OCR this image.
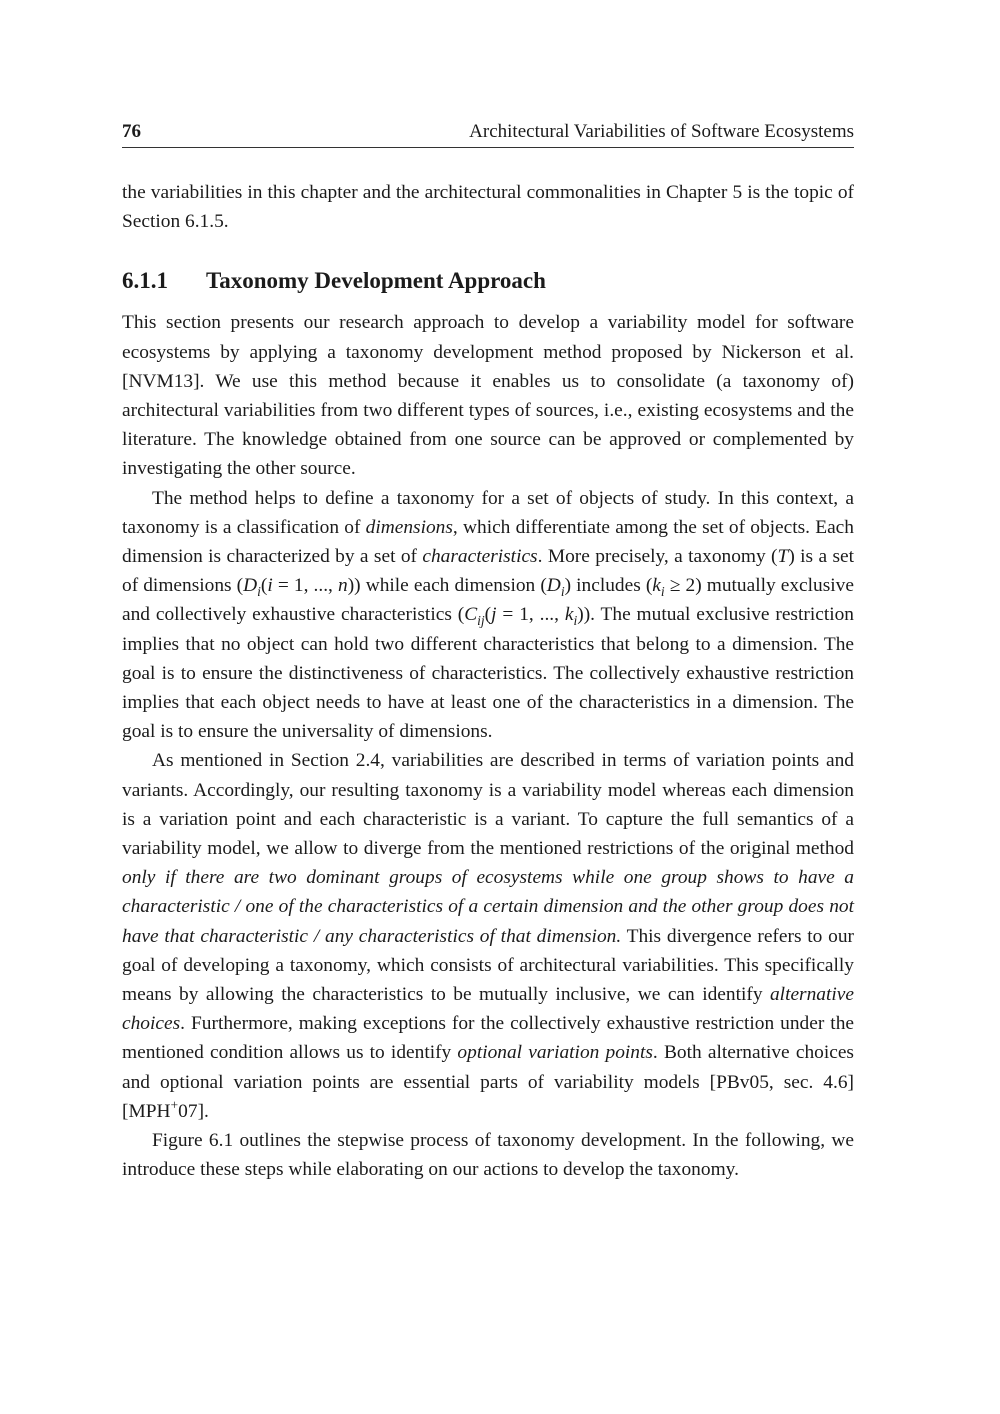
76	Architectural Variabilities of Software Ecosystems

the variabilities in this chapter and the architectural commonalities in Chapter 5 is the topic of Section 6.1.5.

6.1.1 Taxonomy Development Approach

This section presents our research approach to develop a variability model for software ecosystems by applying a taxonomy development method proposed by Nickerson et al. [NVM13]. We use this method because it enables us to consolidate (a taxonomy of) architectural variabilities from two different types of sources, i.e., existing ecosystems and the literature. The knowledge obtained from one source can be approved or complemented by investigating the other source.

The method helps to define a taxonomy for a set of objects of study. In this context, a taxonomy is a classification of dimensions, which differentiate among the set of objects. Each dimension is characterized by a set of characteristics. More precisely, a taxonomy (T) is a set of dimensions ($D_i(i = 1$, ..., n)) while each dimension $(D_i)$ includes $(k_i \ge 2)$ mutually exclusive and collectively exhaustive characteristics ($C_{ij}(j = 1$, ..., $k_i$)). The mutual exclusive restriction implies that no object can hold two different characteristics that belong to a dimension. The goal is to ensure the distinctiveness of characteristics. The collectively exhaustive restriction implies that each object needs to have at least one of the characteristics in a dimension. The goal is to ensure the universality of dimensions.

As mentioned in Section 2.4, variabilities are described in terms of variation points and variants. Accordingly, our resulting taxonomy is a variability model whereas each dimension is a variation point and each characteristic is a variant. To capture the full semantics of a variability model, we allow to diverge from the mentioned restrictions of the original method only if there are two dominant groups of ecosystems while one group shows to have a characteristic / one of the characteristics of a certain dimension and the other group does not have that characteristic / any characteristics of that dimension. This divergence refers to our goal of developing a taxonomy, which consists of architectural variabilities. This specifically means by allowing the characteristics to be mutually inclusive, we can identify alternative choices. Furthermore, making exceptions for the collectively exhaustive restriction under the mentioned condition allows us to identify optional variation points. Both alternative choices and optional variation points are essential parts of variability models [PBv05, sec. 4.6] [MPH+07].

Figure 6.1 outlines the stepwise process of taxonomy development. In the following, we introduce these steps while elaborating on our actions to develop the taxonomy.
